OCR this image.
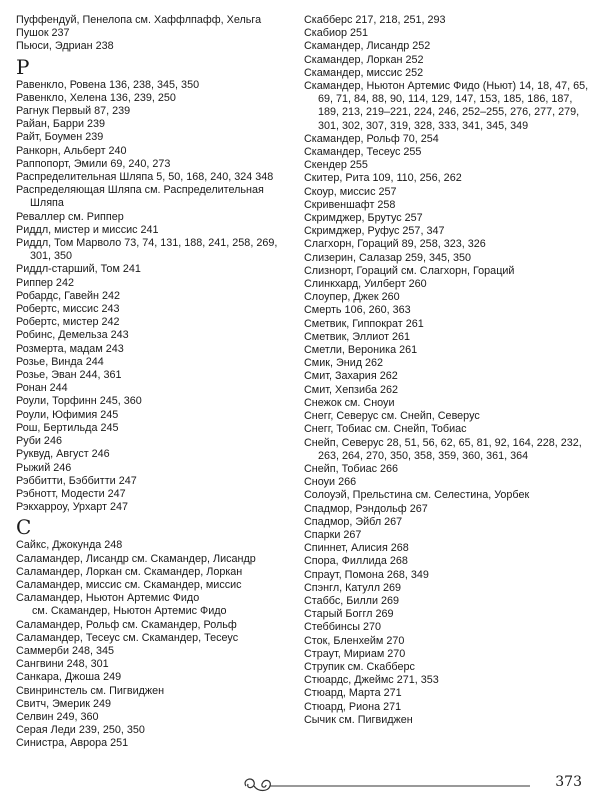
Пуффендуй, Пенелопа см. Хаффлпафф, Хельга
Пушок 237
Пьюси, Эдриан 238
Р
Равенкло, Ровена 136, 238, 345, 350
Равенкло, Хелена 136, 239, 250
Рагнук Первый 87, 239
Райан, Барри 239
Райт, Боумен 239
Ранкорн, Альберт 240
Раппопорт, Эмили 69, 240, 273
Распределительная Шляпа 5, 50, 168, 240, 324 348
Распределяющая Шляпа см. Распределительная Шляпа
Реваллер см. Риппер
Риддл, мистер и миссис 241
Риддл, Том Марволо 73, 74, 131, 188, 241, 258, 269, 301, 350
Риддл-старший, Том 241
Риппер 242
Робардс, Гавейн 242
Робертс, миссис 243
Робертс, мистер 242
Робинс, Демельза 243
Розмерта, мадам 243
Розье, Винда 244
Розье, Эван 244, 361
Ронан 244
Роули, Торфинн 245, 360
Роули, Юфимия 245
Рош, Бертильда 245
Руби 246
Руквуд, Август 246
Рыжий 246
Рэббитти, Бэббитти 247
Рэбнотт, Модести 247
Рэкхарроу, Урхарт 247
С
Сайкс, Джокунда 248
Саламандер, Лисандр см. Скамандер, Лисандр
Саламандер, Лоркан см. Скамандер, Лоркан
Саламандер, миссис см. Скамандер, миссис
Саламандер, Ньютон Артемис Фидо
см. Скамандер, Ньютон Артемис Фидо
Саламандер, Рольф см. Скамандер, Рольф
Саламандер, Тесеус см. Скамандер, Тесеус
Саммерби 248, 345
Сангвини 248, 301
Санкара, Джоша 249
Свинринстель см. Пигвиджен
Свитч, Эмерик 249
Селвин 249, 360
Серая Леди 239, 250, 350
Синистра, Аврора 251
Скабберс 217, 218, 251, 293
Скабиор 251
Скамандер, Лисандр 252
Скамандер, Лоркан 252
Скамандер, миссис 252
Скамандер, Ньютон Артемис Фидо (Ньют) 14, 18, 47, 65, 69, 71, 84, 88, 90, 114, 129, 147, 153, 185, 186, 187, 189, 213, 219–221, 224, 246, 252–255, 276, 277, 279, 301, 302, 307, 319, 328, 333, 341, 345, 349
Скамандер, Рольф 70, 254
Скамандер, Тесеус 255
Скендер 255
Скитер, Рита 109, 110, 256, 262
Скоур, миссис 257
Скривеншафт 258
Скримджер, Брутус 257
Скримджер, Руфус 257, 347
Слагхорн, Гораций 89, 258, 323, 326
Слизерин, Салазар 259, 345, 350
Слизнорт, Гораций см. Слагхорн, Гораций
Слинкхард, Уилберт 260
Слоупер, Джек 260
Смерть 106, 260, 363
Сметвик, Гиппократ 261
Сметвик, Эллиот 261
Сметли, Вероника 261
Смик, Энид 262
Смит, Захария 262
Смит, Хепзиба 262
Снежок см. Сноуи
Снегг, Северус см. Снейп, Северус
Снегг, Тобиас см. Снейп, Тобиас
Снейп, Северус 28, 51, 56, 62, 65, 81, 92, 164, 228, 232, 263, 264, 270, 350, 358, 359, 360, 361, 364
Снейп, Тобиас 266
Сноуи 266
Солоуэй, Прельстина см. Селестина, Уорбек
Спадмор, Рэндольф 267
Спадмор, Эйбл 267
Спарки 267
Спиннет, Алисия 268
Спора, Филлида 268
Спраут, Помона 268, 349
Спэнгл, Катулл 269
Стаббс, Билли 269
Старый Боггл 269
Стеббинсы 270
Сток, Бленхейм 270
Страут, Мириам 270
Струпик см. Скабберс
Стюардс, Джеймс 271, 353
Стюард, Марта 271
Стюард, Риона 271
Сычик см. Пигвиджен
373
